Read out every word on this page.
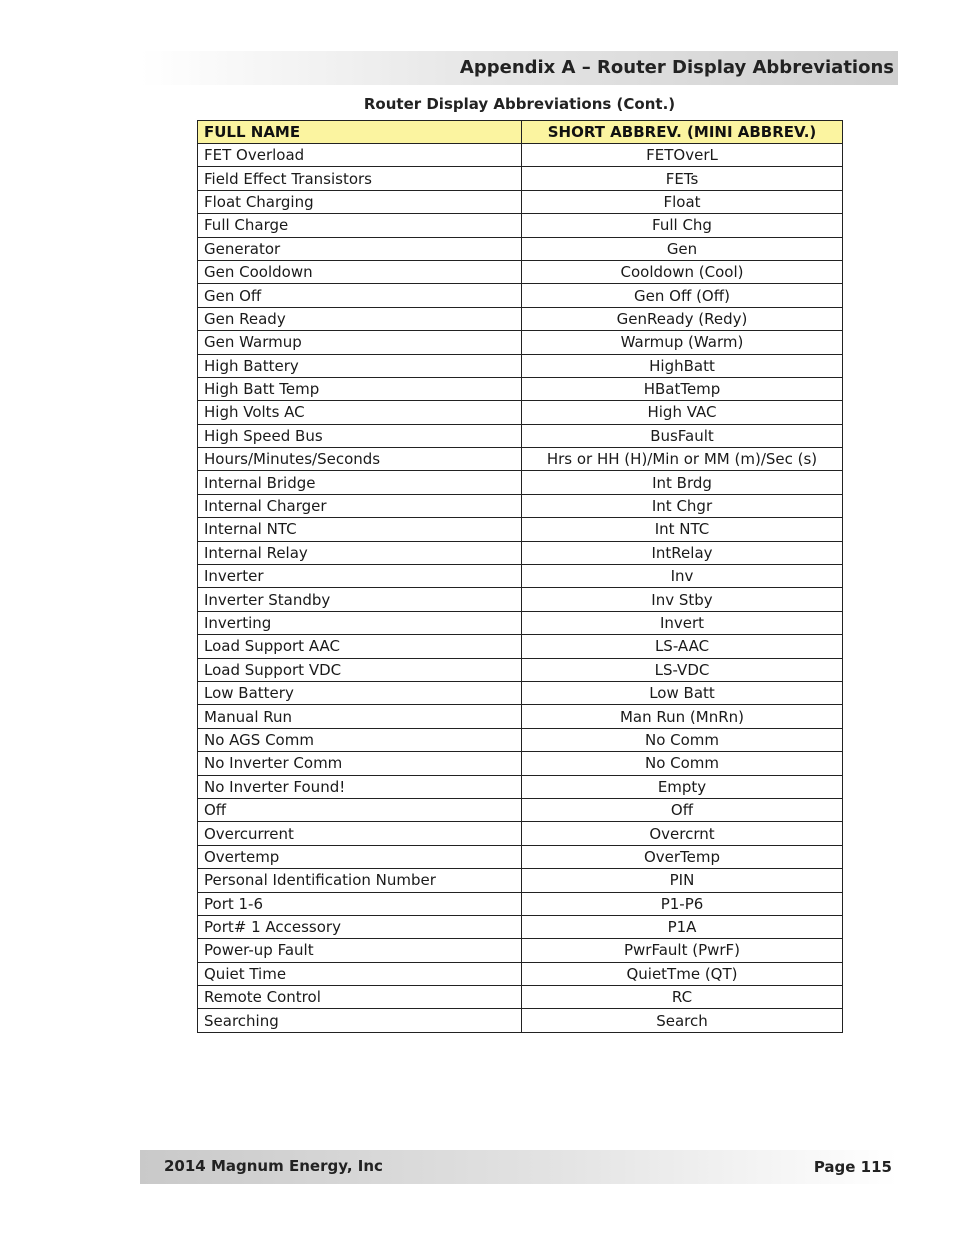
Appendix A – Router Display Abbreviations
Router Display Abbreviations (Cont.)
FULL NAME	SHORT ABBREV. (MINI ABBREV.)
FET Overload	FETOverL
Field Effect Transistors	FETs
Float Charging	Float
Full Charge	Full Chg
Generator	Gen
Gen Cooldown	Cooldown (Cool)
Gen Off	Gen Off (Off)
Gen Ready	GenReady (Redy)
Gen Warmup	Warmup (Warm)
High Battery	HighBatt
High Batt Temp	HBatTemp
High Volts AC	High VAC
High Speed Bus	BusFault
Hours/Minutes/Seconds	Hrs or HH (H)/Min or MM (m)/Sec (s)
Internal Bridge	Int Brdg
Internal Charger	Int Chgr
Internal NTC	Int NTC
Internal Relay	IntRelay
Inverter	Inv
Inverter Standby	Inv Stby
Inverting	Invert
Load Support AAC	LS-AAC
Load Support VDC	LS-VDC
Low Battery	Low Batt
Manual Run	Man Run (MnRn)
No AGS Comm	No Comm
No Inverter Comm	No Comm
No Inverter Found!	Empty
Off	Off
Overcurrent	Overcrnt
Overtemp	OverTemp
Personal Identification Number	PIN
Port 1-6	P1-P6
Port# 1 Accessory	P1A
Power-up Fault	PwrFault (PwrF)
Quiet Time	QuietTme (QT)
Remote Control	RC
Searching	Search
2014 Magnum Energy, Inc	Page 115
